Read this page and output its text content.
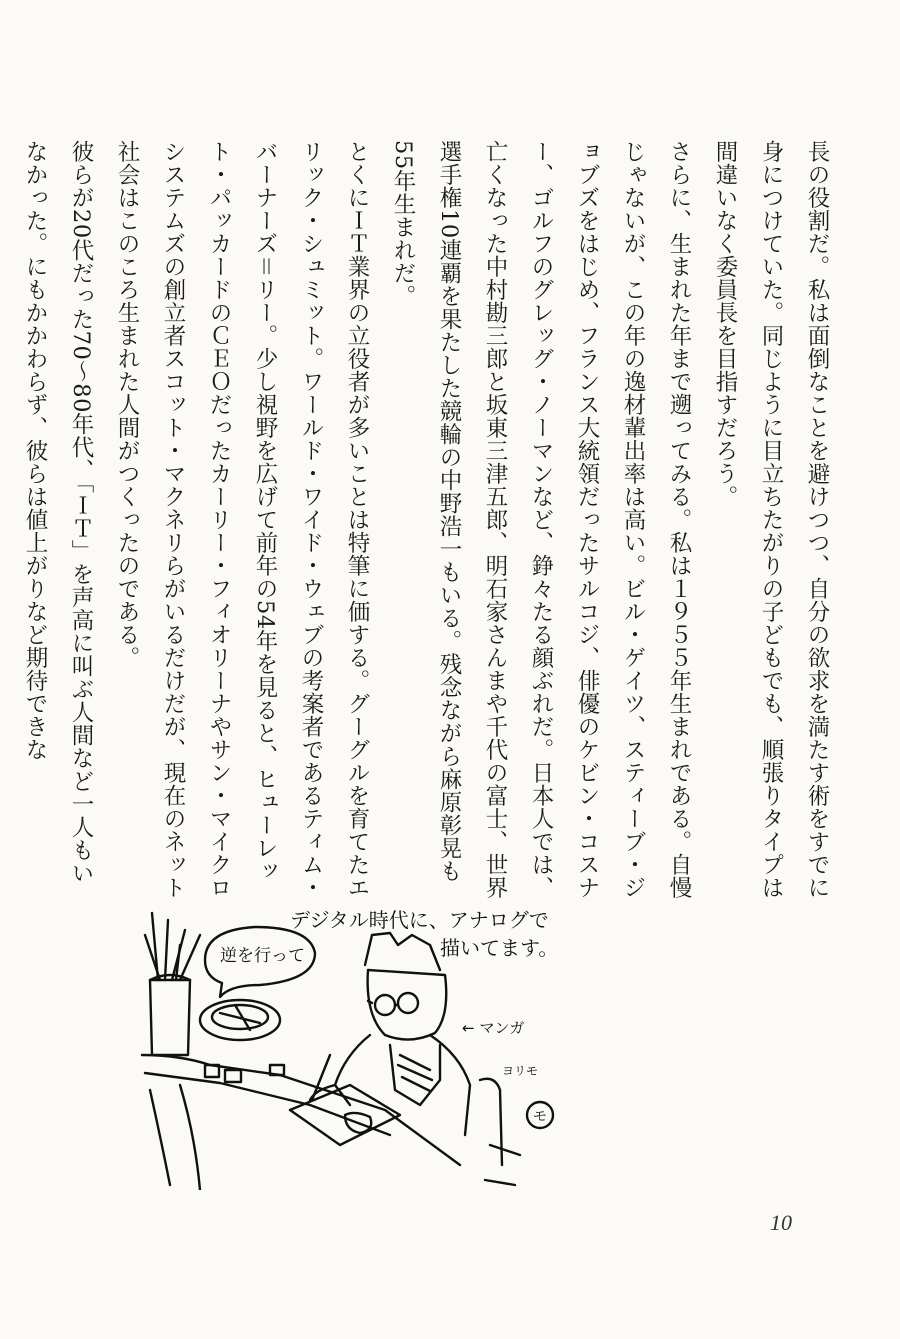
長の役割だ。私は面倒なことを避けつつ、自分の欲求を満たす術をすでに身につけていた。同じように目立ちたがりの子どもでも、順張りタイプは間違いなく委員長を目指すだろう。

さらに、生まれた年まで遡ってみる。私は１９５５年生まれである。自慢じゃないが、この年の逸材輩出率は高い。ビル・ゲイツ、スティーブ・ジョブズをはじめ、フランス大統領だったサルコジ、俳優のケビン・コスナー、ゴルフのグレッグ・ノーマンなど、錚々たる顔ぶれだ。日本人では、亡くなった中村勘三郎と坂東三津五郎、明石家さんまや千代の富士、世界選手権10連覇を果たした競輪の中野浩一もいる。残念ながら麻原彰晃も55年生まれだ。

とくにＩＴ業界の立役者が多いことは特筆に価する。グーグルを育てたエリック・シュミット。ワールド・ワイド・ウェブの考案者であるティム・バーナーズ＝リー。少し視野を広げて前年の54年を見ると、ヒューレット・パッカードのＣＥＯだったカーリー・フィオリーナやサン・マイクロシステムズの創立者スコット・マクネリらがいるだけだが、現在のネット社会はこのころ生まれた人間がつくったのである。

彼らが20代だった70～80年代、「ＩＴ」を声高に叫ぶ人間など一人もいなかった。にもかかわらず、彼らは値上がりなど期待できな

デジタル時代に、アナログで
描いてます。
逆を行って
← マンガ
ヨリモ
モ
10
